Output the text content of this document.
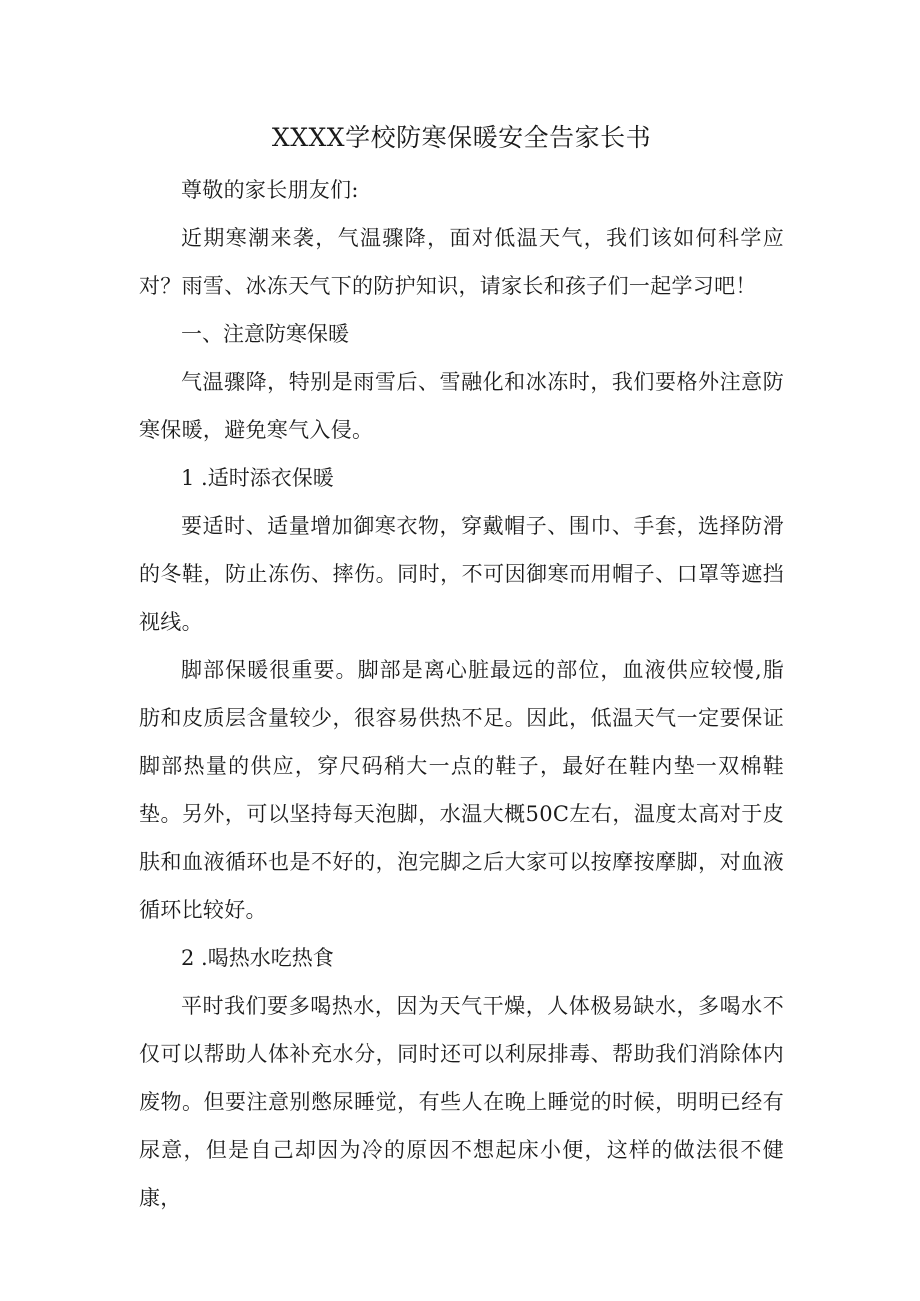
XXXX学校防寒保暖安全告家长书

尊敬的家长朋友们:

近期寒潮来袭，气温骤降，面对低温天气，我们该如何科学应对？雨雪、冰冻天气下的防护知识，请家长和孩子们一起学习吧！

一、注意防寒保暖

气温骤降，特别是雨雪后、雪融化和冰冻时，我们要格外注意防寒保暖，避免寒气入侵。

1 .适时添衣保暖

要适时、适量增加御寒衣物，穿戴帽子、围巾、手套，选择防滑的冬鞋，防止冻伤、摔伤。同时，不可因御寒而用帽子、口罩等遮挡视线。

脚部保暖很重要。脚部是离心脏最远的部位，血液供应较慢,脂肪和皮质层含量较少，很容易供热不足。因此，低温天气一定要保证脚部热量的供应，穿尺码稍大一点的鞋子，最好在鞋内垫一双棉鞋垫。另外，可以坚持每天泡脚，水温大概50C左右，温度太高对于皮肤和血液循环也是不好的，泡完脚之后大家可以按摩按摩脚，对血液循环比较好。

2 .喝热水吃热食

平时我们要多喝热水，因为天气干燥，人体极易缺水，多喝水不仅可以帮助人体补充水分，同时还可以利尿排毒、帮助我们消除体内废物。但要注意别憋尿睡觉，有些人在晚上睡觉的时候，明明已经有尿意，但是自己却因为冷的原因不想起床小便，这样的做法很不健康，
